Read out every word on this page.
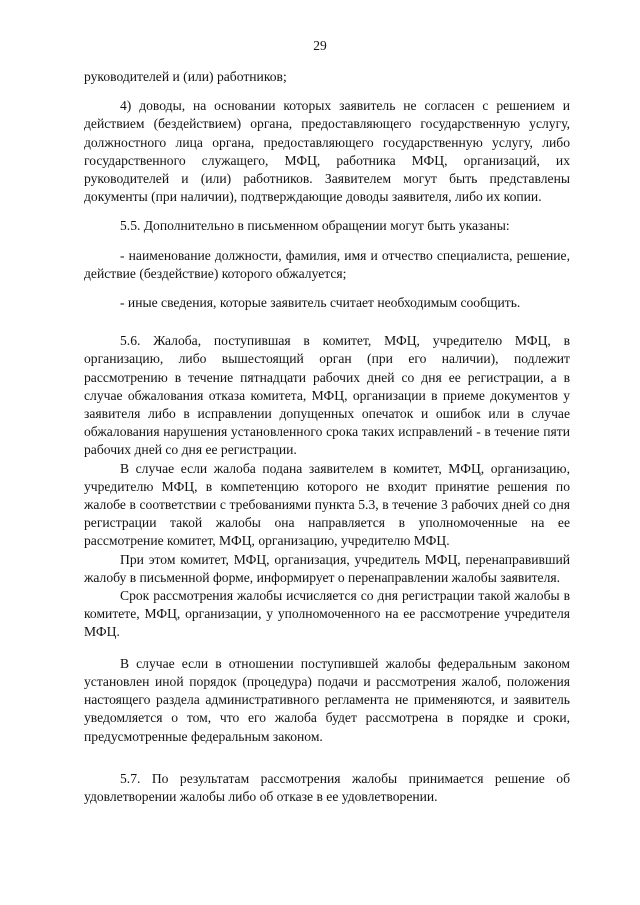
29

руководителей и (или) работников;

4) доводы, на основании которых заявитель не согласен с решением и действием (бездействием) органа, предоставляющего государственную услугу, должностного лица органа, предоставляющего государственную услугу, либо государственного служащего, МФЦ, работника МФЦ, организаций, их руководителей и (или) работников. Заявителем могут быть представлены документы (при наличии), подтверждающие доводы заявителя, либо их копии.

5.5. Дополнительно в письменном обращении могут быть указаны:

- наименование должности, фамилия, имя и отчество специалиста, решение, действие (бездействие) которого обжалуется;

- иные сведения, которые заявитель считает необходимым сообщить.

5.6. Жалоба, поступившая в комитет, МФЦ, учредителю МФЦ, в организацию, либо вышестоящий орган (при его наличии), подлежит рассмотрению в течение пятнадцати рабочих дней со дня ее регистрации, а в случае обжалования отказа комитета, МФЦ, организации в приеме документов у заявителя либо в исправлении допущенных опечаток и ошибок или в случае обжалования нарушения установленного срока таких исправлений - в течение пяти рабочих дней со дня ее регистрации.

В случае если жалоба подана заявителем в комитет, МФЦ, организацию, учредителю МФЦ, в компетенцию которого не входит принятие решения по жалобе в соответствии с требованиями пункта 5.3, в течение 3 рабочих дней со дня регистрации такой жалобы она направляется в уполномоченные на ее рассмотрение комитет, МФЦ, организацию, учредителю МФЦ.

При этом комитет, МФЦ, организация, учредитель МФЦ, перенаправивший жалобу в письменной форме, информирует о перенаправлении жалобы заявителя.

Срок рассмотрения жалобы исчисляется со дня регистрации такой жалобы в комитете, МФЦ, организации, у уполномоченного на ее рассмотрение учредителя МФЦ.

В случае если в отношении поступившей жалобы федеральным законом установлен иной порядок (процедура) подачи и рассмотрения жалоб, положения настоящего раздела административного регламента не применяются, и заявитель уведомляется о том, что его жалоба будет рассмотрена в порядке и сроки, предусмотренные федеральным законом.

5.7. По результатам рассмотрения жалобы принимается решение об удовлетворении жалобы либо об отказе в ее удовлетворении.
